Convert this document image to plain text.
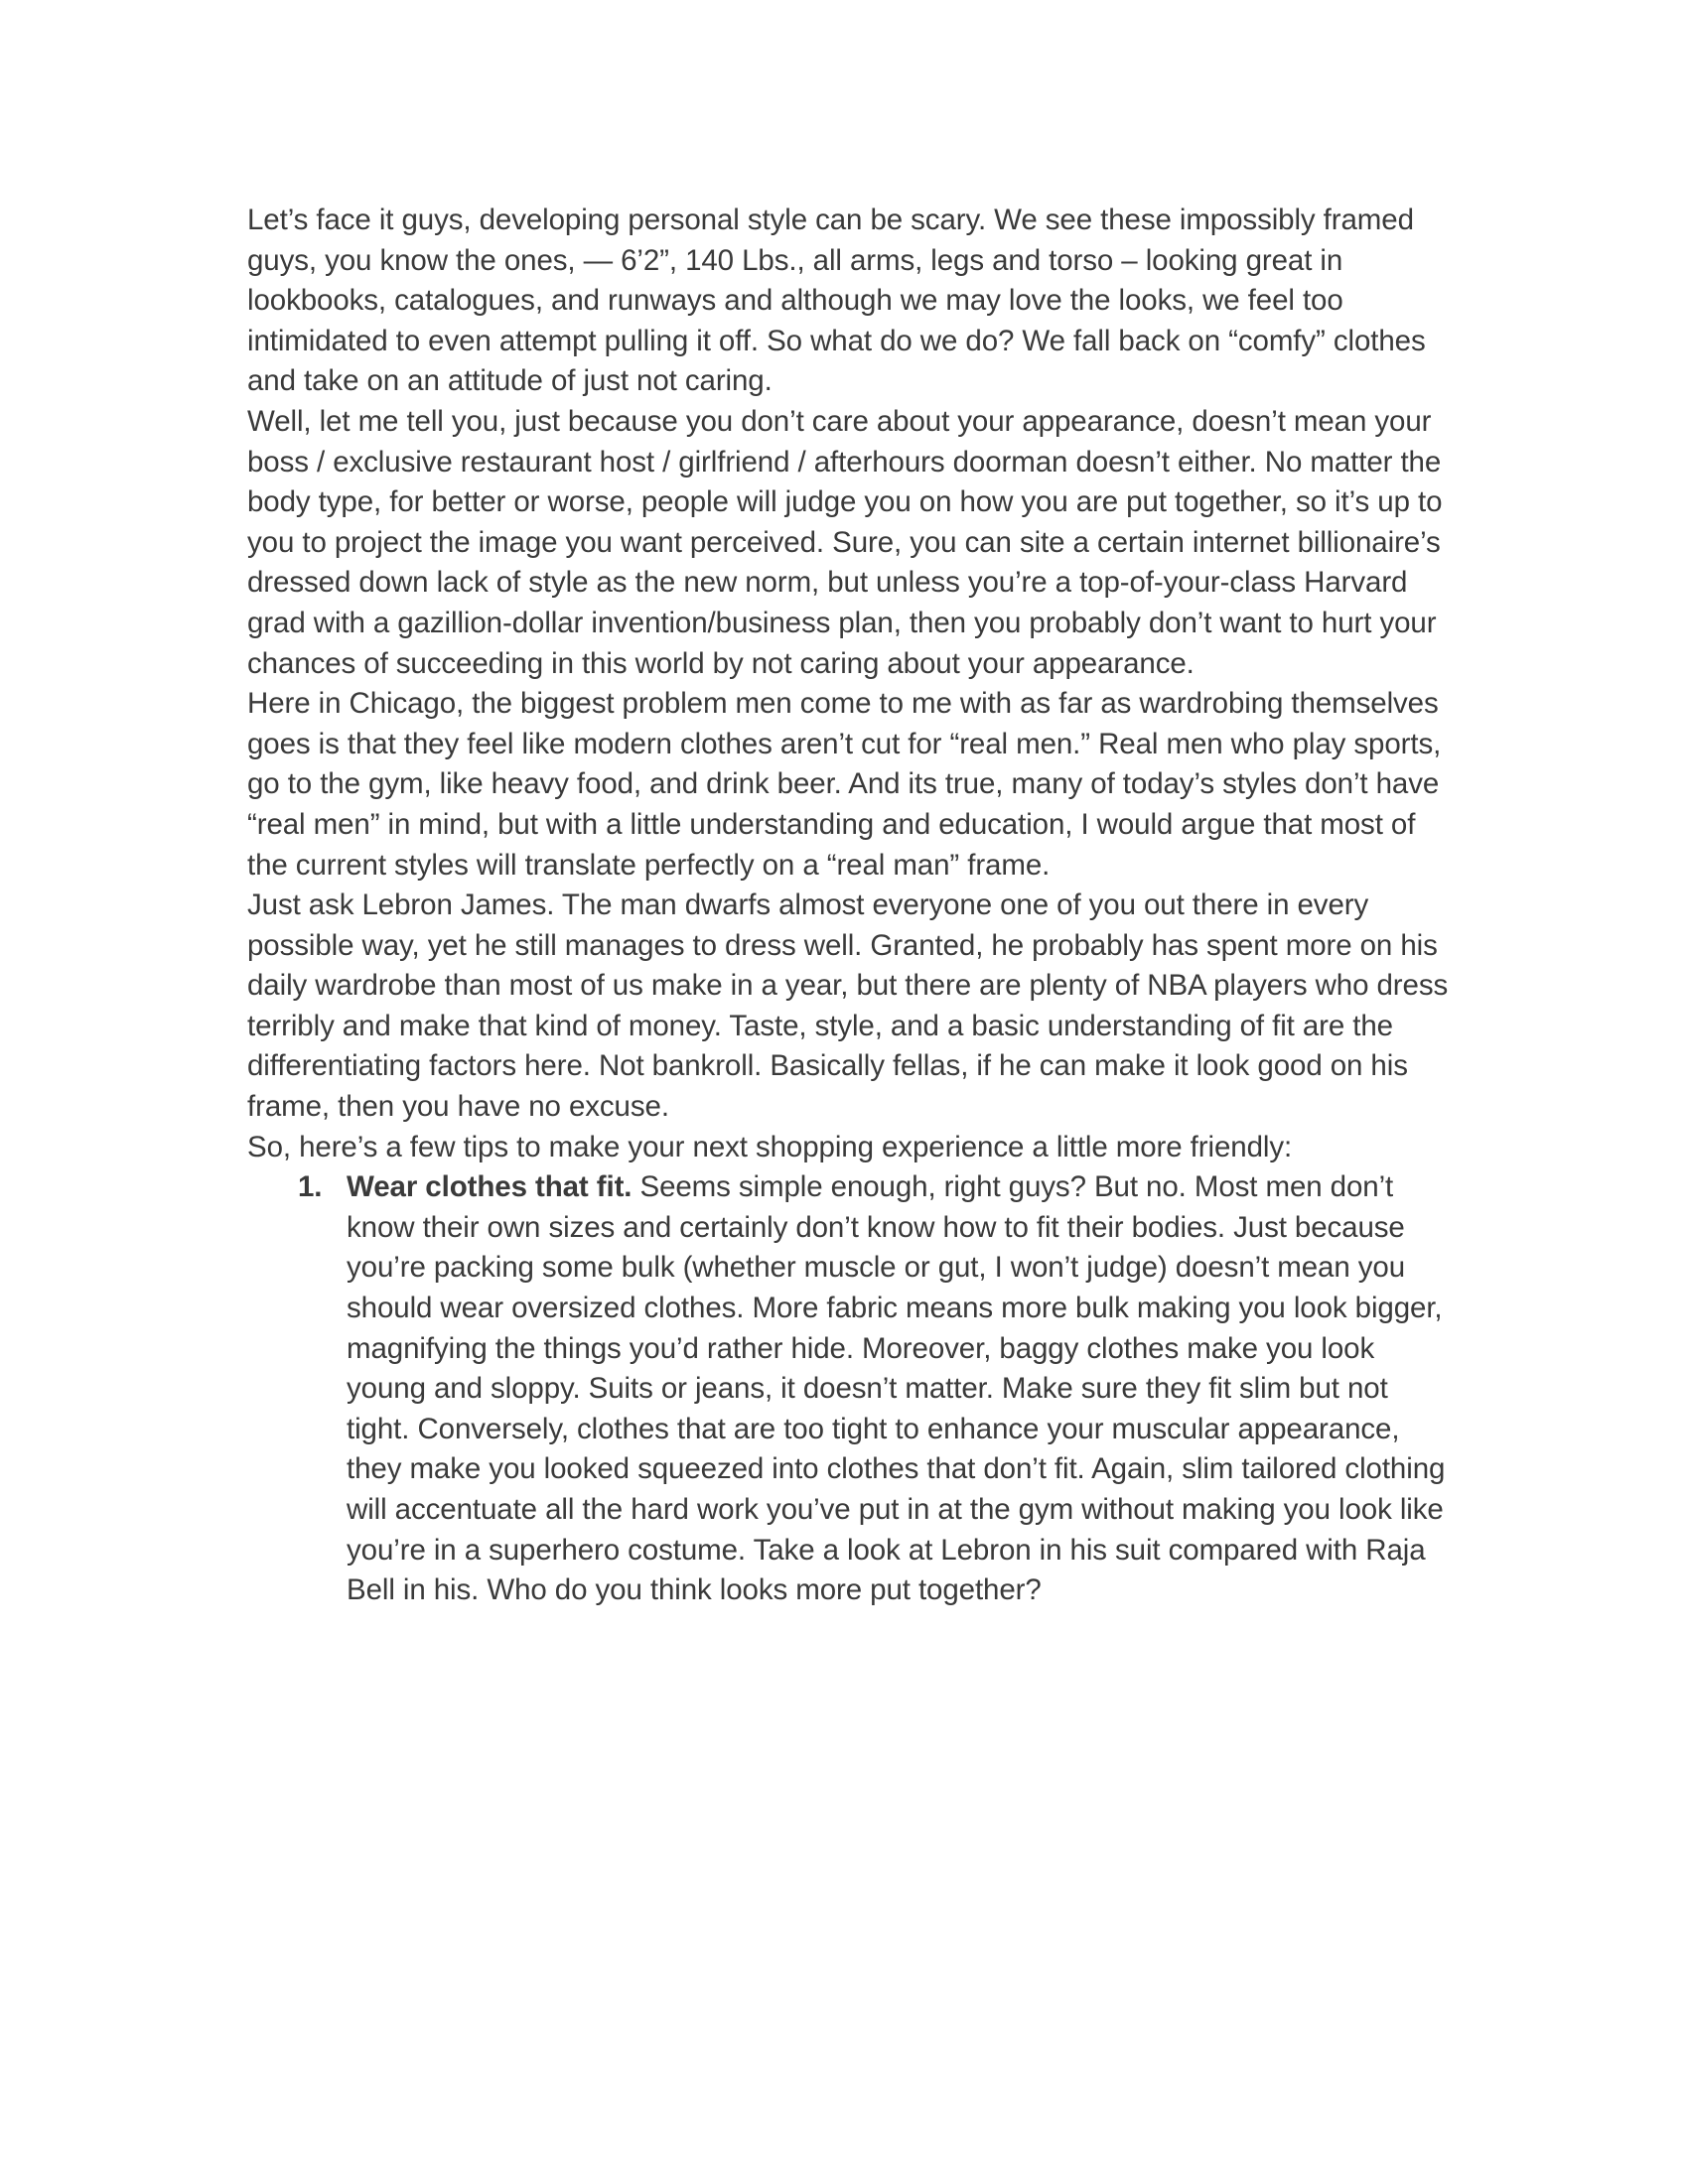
Let’s face it guys, developing personal style can be scary. We see these impossibly framed guys, you know the ones, — 6’2”, 140 Lbs., all arms, legs and torso – looking great in lookbooks, catalogues, and runways and although we may love the looks, we feel too intimidated to even attempt pulling it off. So what do we do? We fall back on “comfy” clothes and take on an attitude of just not caring.

Well, let me tell you, just because you don’t care about your appearance, doesn’t mean your boss / exclusive restaurant host / girlfriend / afterhours doorman doesn’t either. No matter the body type, for better or worse, people will judge you on how you are put together, so it’s up to you to project the image you want perceived. Sure, you can site a certain internet billionaire’s dressed down lack of style as the new norm, but unless you’re a top-of-your-class Harvard grad with a gazillion-dollar invention/business plan, then you probably don’t want to hurt your chances of succeeding in this world by not caring about your appearance.

Here in Chicago, the biggest problem men come to me with as far as wardrobing themselves goes is that they feel like modern clothes aren’t cut for “real men.” Real men who play sports, go to the gym, like heavy food, and drink beer. And its true, many of today’s styles don’t have “real men” in mind, but with a little understanding and education, I would argue that most of the current styles will translate perfectly on a “real man” frame.

Just ask Lebron James. The man dwarfs almost everyone one of you out there in every possible way, yet he still manages to dress well. Granted, he probably has spent more on his daily wardrobe than most of us make in a year, but there are plenty of NBA players who dress terribly and make that kind of money. Taste, style, and a basic understanding of fit are the differentiating factors here. Not bankroll. Basically fellas, if he can make it look good on his frame, then you have no excuse.

So, here’s a few tips to make your next shopping experience a little more friendly:

1. Wear clothes that fit. Seems simple enough, right guys? But no. Most men don’t know their own sizes and certainly don’t know how to fit their bodies. Just because you’re packing some bulk (whether muscle or gut, I won’t judge) doesn’t mean you should wear oversized clothes. More fabric means more bulk making you look bigger, magnifying the things you’d rather hide. Moreover, baggy clothes make you look young and sloppy. Suits or jeans, it doesn’t matter. Make sure they fit slim but not tight. Conversely, clothes that are too tight to enhance your muscular appearance, they make you looked squeezed into clothes that don’t fit. Again, slim tailored clothing will accentuate all the hard work you’ve put in at the gym without making you look like you’re in a superhero costume. Take a look at Lebron in his suit compared with Raja Bell in his. Who do you think looks more put together?
